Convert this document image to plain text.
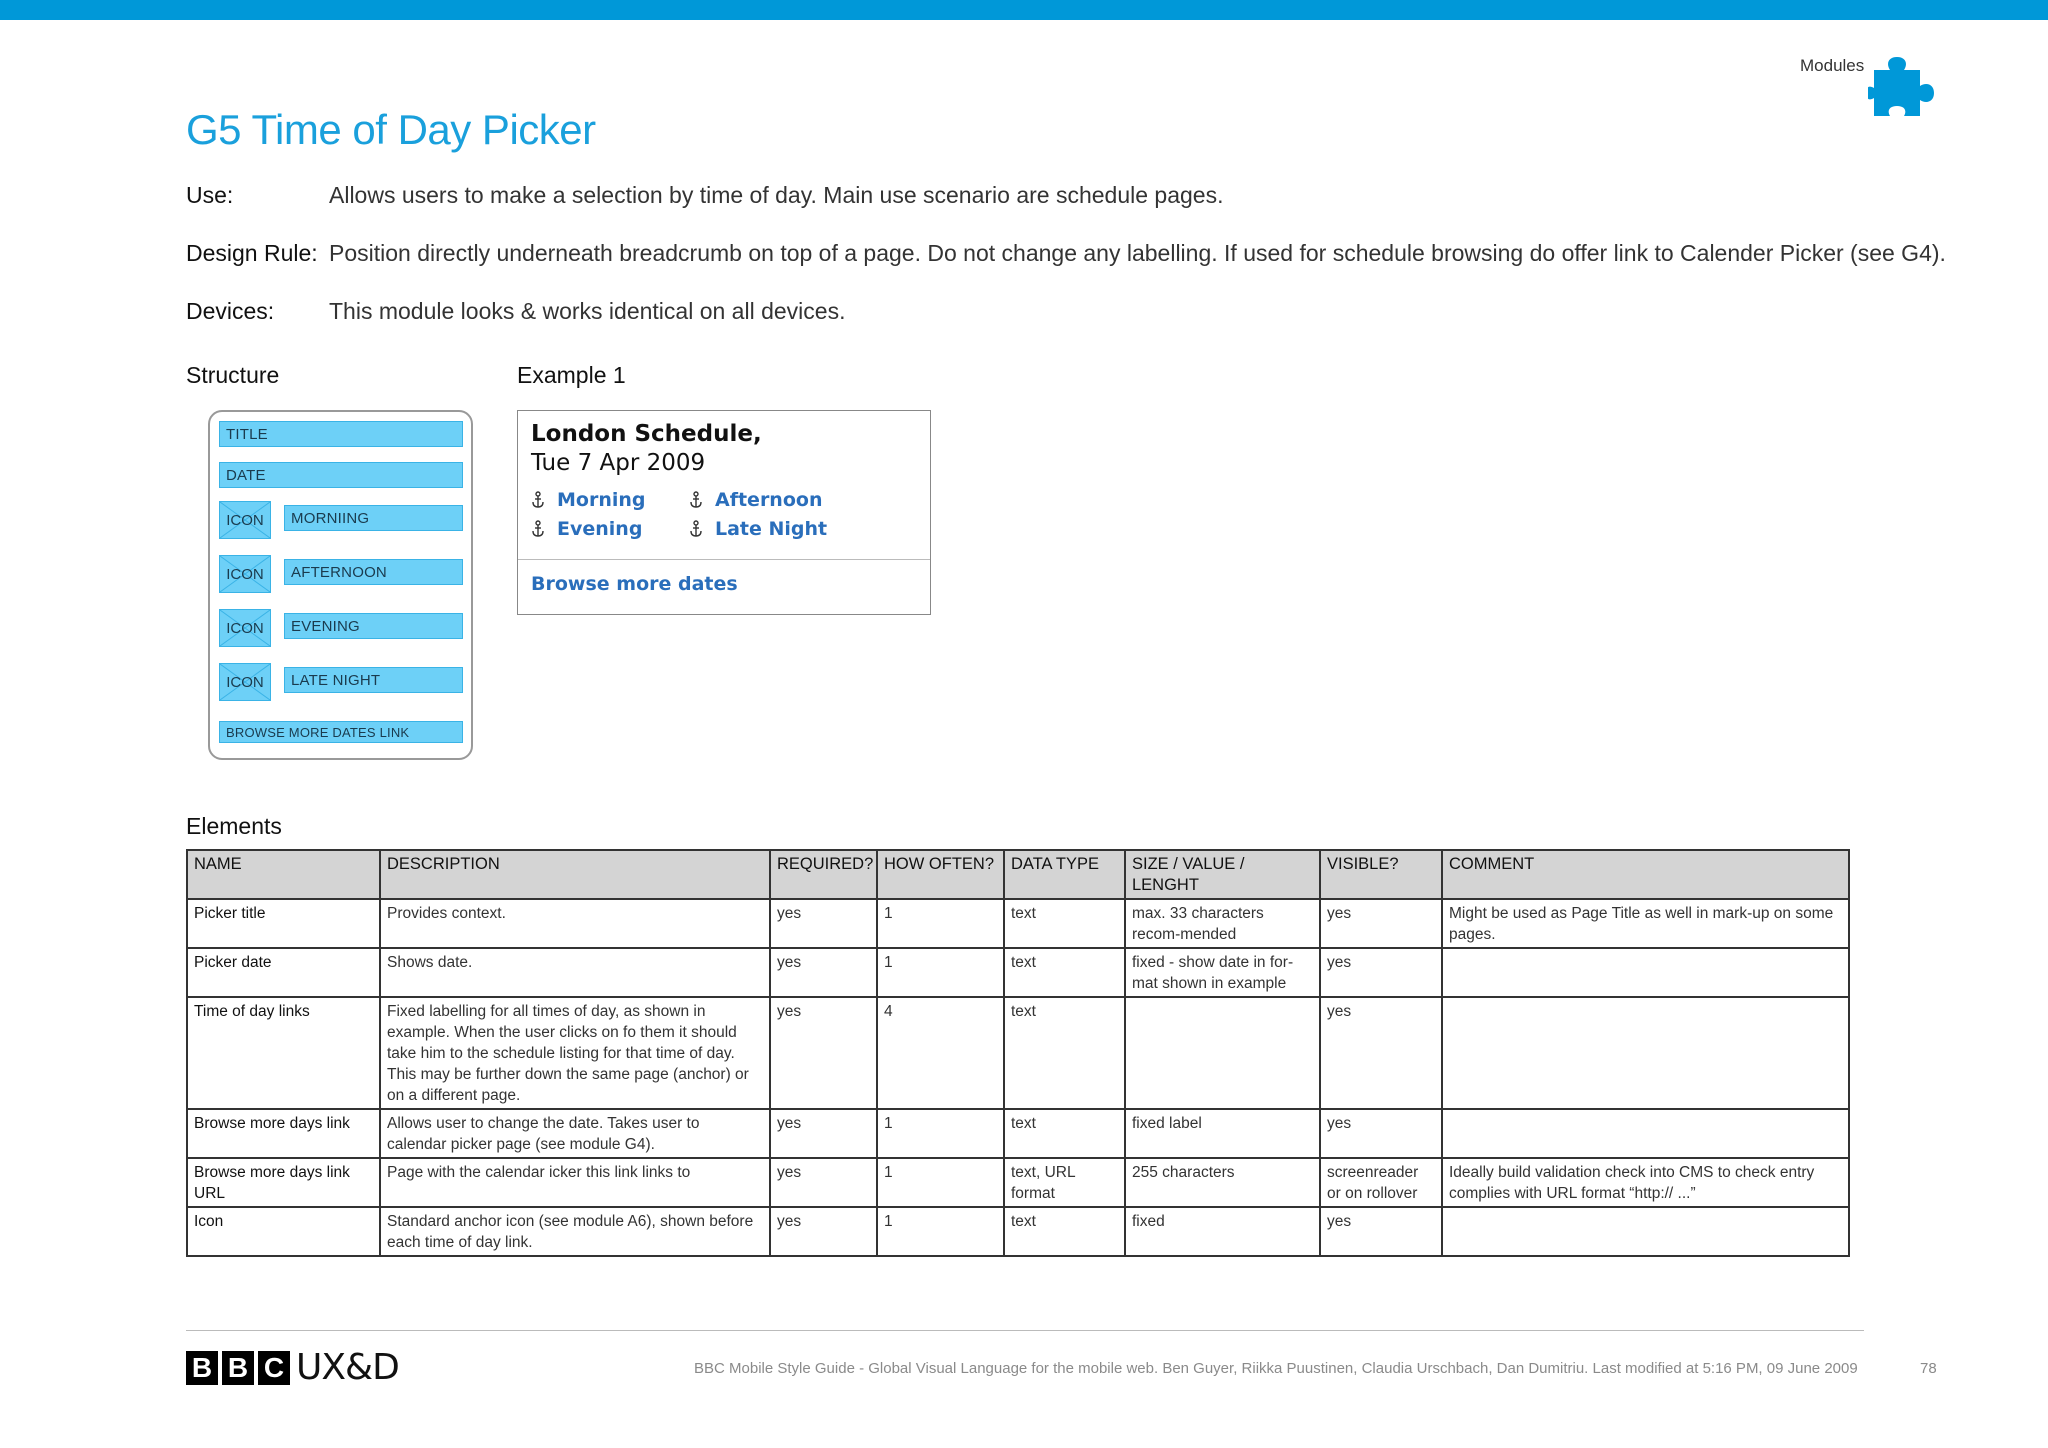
Modules
G5 Time of Day Picker
Use:	Allows users to make a selection by time of day. Main use scenario are schedule pages.
Design Rule: Position directly underneath breadcrumb on top of a page. Do not change any labelling. If used for schedule browsing do offer link to Calender Picker (see G4).
Devices:	This module looks & works identical on all devices.
Structure	Example 1
TITLE
DATE
ICON	MORNIING
ICON	AFTERNOON
ICON	EVENING
ICON	LATE NIGHT
BROWSE MORE DATES LINK
London Schedule,
Tue 7 Apr 2009
Morning	Afternoon
Evening	Late Night
Browse more dates
Elements
NAME	DESCRIPTION	REQUIRED?	HOW OFTEN?	DATA TYPE	SIZE / VALUE / LENGHT	VISIBLE?	COMMENT
Picker title	Provides context.	yes	1	text	max. 33 characters recom-mended	yes	Might be used as Page Title as well in mark-up on some pages.
Picker date	Shows date.	yes	1	text	fixed - show date in for-mat shown in example	yes	
Time of day links	Fixed labelling for all times of day, as shown in example. When the user clicks on fo them it should take him to the schedule listing for that time of day. This may be further down the same page (anchor) or on a different page.	yes	4	text		yes	
Browse more days link	Allows user to change the date. Takes user to calendar picker page (see module G4).	yes	1	text	fixed label	yes	
Browse more days link URL	Page with the calendar icker this link links to	yes	1	text, URL format	255 characters	screenreader or on rollover	Ideally build validation check into CMS to check entry complies with URL format “http:// ...”
Icon	Standard anchor icon (see module A6), shown before each time of day link.	yes	1	text	fixed	yes	
B B C UX&D	BBC Mobile Style Guide - Global Visual Language for the mobile web. Ben Guyer, Riikka Puustinen, Claudia Urschbach, Dan Dumitriu. Last modified at 5:16 PM, 09 June 2009	78
